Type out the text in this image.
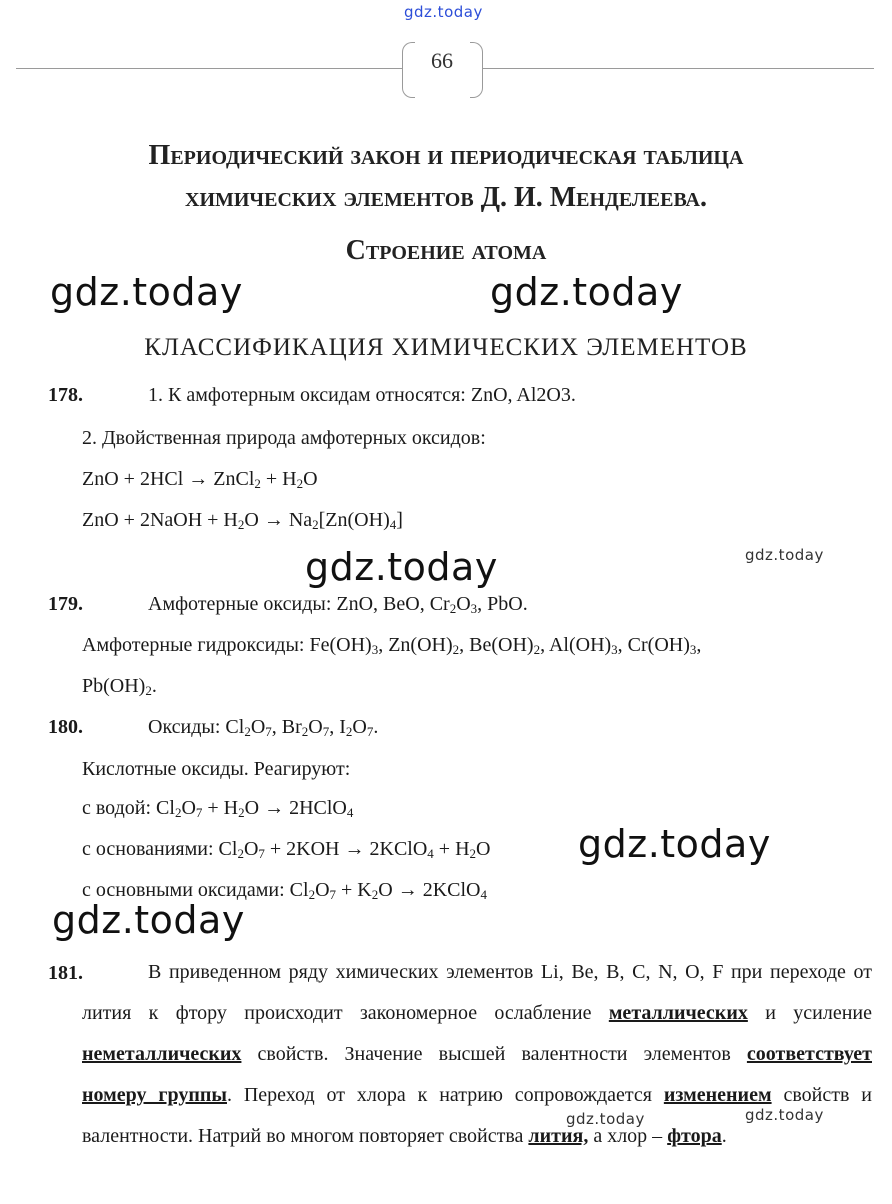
gdz.today
66
Периодический закон и периодическая таблица
химических элементов Д. И. Менделеева.
Строение атома
gdz.today	gdz.today
КЛАССИФИКАЦИЯ ХИМИЧЕСКИХ ЭЛЕМЕНТОВ
178.	1. К амфотерным оксидам относятся: ZnO, Al2O3.
2. Двойственная природа амфотерных оксидов:
ZnO + 2HCl → ZnCl$_2$ + $H_2O$
ZnO + 2NaOH + $H_2O \to Na_2[Zn(OH)_4]$
gdz.today	gdz.today
179.	Амфотерные оксиды: ZnO, BeO, $Cr_2O_3$, PbO.
Амфотерные гидроксиды: $Fe(OH)_3$, $Zn(OH)_2$, $Be(OH)_2$, $Al(OH)_3$, $Cr(OH)_3$,
$Pb(OH)_2$.
180.	Оксиды: $Cl_2O_7$, $Br_2O_7$, $I_2O_7$.
Кислотные оксиды. Реагируют:
с водой: $Cl_2O_7 + H_2O$ → 2HClO$_4$
с основаниями: $Cl_2O_7 + 2KOH$ → 2KClO$_4$ + $H_2O$ gdz.today
с основными оксидами: $Cl_2O_7 + K_2O$ → 2KClO$_4$
gdz.today
181.	В приведенном ряду химических элементов Li, Be, B, C, N, O, F при переходе от лития к фтору происходит закономерное ослабление металлических и усиление неметаллических свойств. Значение высшей валентности элементов соответствует номеру группы. Переход от хлора к натрию сопровождается изменением свойств и валентности. Натрий во многом повторяет свойства лития, а хлор – фтора.
gdz.today	gdz.today
